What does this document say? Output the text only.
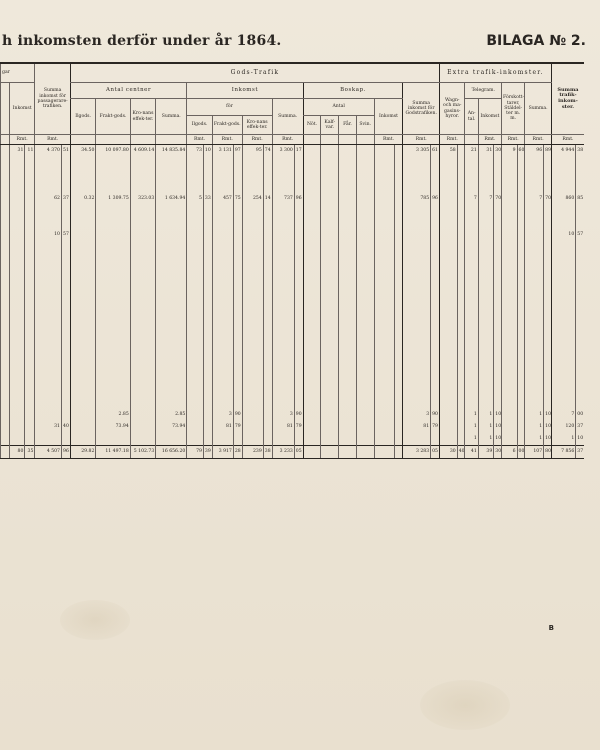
h inkomsten derför under år 1864.	BILAGA № 2.
gar			Summa inkomst för passagerare-trafiken.		Gods-Trafik																				Extra trafik-inkomster.									Summa trafik-inkom-ster.	
	Inkomst				Antal centner				Inkomst								Boskap.						Summa inkomst för Godstrafiken.		Wagn- och ma-gasins-hyror.		Telegram.			Förskott-tarer, Stäldel-ter m. m.		Summa.			
					Ilgods.	Frakt-gods.	Kro-nans effek-ter.	Summa.	för						Summa.		Antal				Inkomst						An-tal.	Inkomst							
									Ilgods.		Frakt-gods.		Kro-nans effek-ter.				Nöt.	Kalf-var.	Får.	Svin.															
	Rmt.		Rmt.						Rmt.		Rmt.		Rmt.		Rmt.						Rmt.		Rmt.		Rmt.			Rmt.		Rmt.		Rmt.		Rmt.	
	31	11	4 370	51	34.50	10 097.80	4 609.14	14 835.84	73	10	3 131	97	95	74	3 300	17							3 305	61	58		21	31	30	9	60	96	89	4 944	38

			62	37	0.32	1 309.75	323.03	1 634.94	5	33	457	75	254	14	737	96							785	96			7	7	70			7	70	860	85

			10	57																														10	57

						2.85		2.85			3	90			3	90							3	90			1	1	10			1	10	7	00
			31	40		73.94		73.94			81	79			81	79							81	79			1	1	10			1	10	120	37
																											1	1	10			1	10	1	10
	80	35	4 507	96	29.82	11 497.18	5 102.73	16 656.20	79	39	3 917	28	239	38	3 233	05							3 283	05	30	40	41	39	30	6	00	107	80	7 856	37
B
